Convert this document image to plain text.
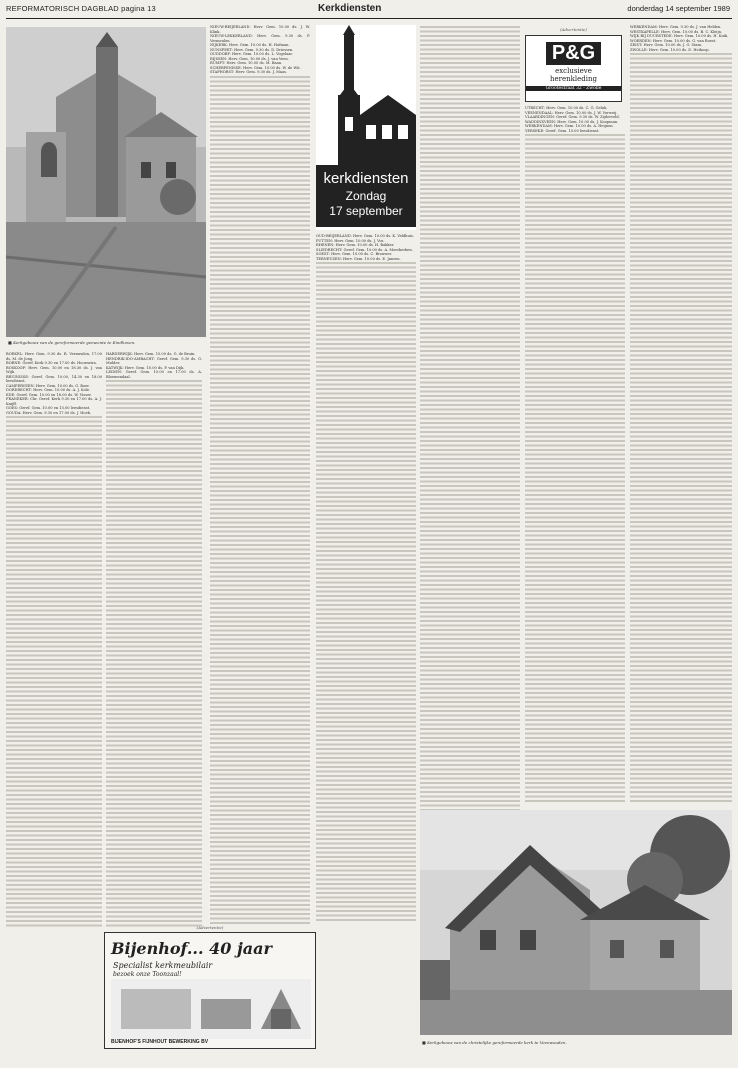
REFORMATORISCH DAGBLAD pagina 13	Kerkdiensten	donderdag 14 september 1989
■ Kerkgebouw van de gereformeerde gemeente te Eindhoven.
BOEKEL: Herv. Gem. 9.30 ds. R. Vermeulen, 17.00 ds. M. de Jong.
BORNE: Geref. Kerk 9.30 en 17.00 ds. Hoornstra.
BOSKOOP: Herv. Gem. 10.00 en 18.30 ds. J. van Wijk.
BRUINISSE: Geref. Gem. 10.00, 14.30 en 18.00 leesdienst.
CAMPERVEEN: Herv. Gem. 10.00 ds. G. Boer.
DORDRECHT: Herv. Gem. 10.00 ds. A. J. Kole.
EDE: Geref. Gem. 10.00 en 18.00 ds. W. Visser.
FRANEKER: Chr. Geref. Kerk 9.30 en 17.00 ds. A. J. Knijff.
GOES: Geref. Gem. 10.00 en 15.00 leesdienst.
GOUDA: Herv. Gem. 9.30 en 17.00 ds. J. Hoek.
HARDERWIJK: Herv. Gem. 10.00 ds. G. de Bruin.
HENDRIK-IDO-AMBACHT: Geref. Gem. 9.30 ds. G. Mulder.
KATWIJK: Herv. Gem. 10.00 ds. P. van Dijk.
LEIDEN: Geref. Gem. 10.00 en 17.00 ds. A. Bloemendaal.
NIEUW-BEIJERLAND: Herv. Gem. 10.00 ds. J. W. Klink.
NIEUW-LEKKERLAND: Herv. Gem. 9.30 ds. P. Vermeulen.
NIJKERK: Herv. Gem. 10.00 ds. H. Hofman.
NUNSPEET: Herv. Gem. 9.30 ds. D. Driessen.
OUDDORP: Herv. Gem. 10.00 ds. L. Vogelaar.
RIJSSEN: Herv. Gem. 10.00 ds. J. van Veen.
RUMPT: Herv. Gem. 10.00 ds. M. Baan.
SCHERPENISSE: Herv. Gem. 10.00 ds. W. de Wit.
STAPHORST: Herv. Gem. 9.30 ds. J. Maas.
kerkdiensten
Zondag
17 september
OUD-BEIJERLAND: Herv. Gem. 10.00 ds. K. Veldhuis.
PUTTEN: Herv. Gem. 10.00 ds. J. Vos.
RHENEN: Herv. Gem. 10.00 ds. H. Bakker.
SLIEDRECHT: Geref. Gem. 10.00 ds. A. Moerkerken.
SOEST: Herv. Gem. 10.00 ds. C. Brouwer.
TERNEUZEN: Herv. Gem. 10.00 ds. E. Jansen.
(Advertentie)
P&G
exclusieve
herenkleding
Grootestraat 32 - Zwolle
UTRECHT: Herv. Gem. 10.00 ds. C. G. Geluk.
VEENENDAAL: Herv. Gem. 10.00 ds. J. W. Verweij.
VLAARDINGEN: Geref. Gem. 9.30 ds. W. Zijderveld.
WADDINXVEEN: Herv. Gem. 10.00 ds. J. Koopman.
WERKENDAM: Herv. Gem. 10.00 ds. A. Heijnen.
YERSEKE: Geref. Gem. 10.00 leesdienst.
WERKENDAM: Herv. Gem. 9.30 ds. J. van Helden.
WESTKAPELLE: Herv. Gem. 10.00 ds. B. C. Kleijn.
WIJK BIJ DUURSTEDE: Herv. Gem. 10.00 ds. H. Kuik.
WOERDEN: Herv. Gem. 10.00 ds. G. van Roest.
ZEIST: Herv. Gem. 10.00 ds. J. G. Stam.
ZWOLLE: Herv. Gem. 10.00 ds. D. Heikoop.
■ Kerkgebouw van de christelijke gereformeerde kerk te Veenwouden.
(Advertentie)
Bijenhof... 40 jaar
Specialist kerkmeubilair
bezoek onze Toonzaal!
BIJENHOF'S FIJNHOUT BEWERKING BV
